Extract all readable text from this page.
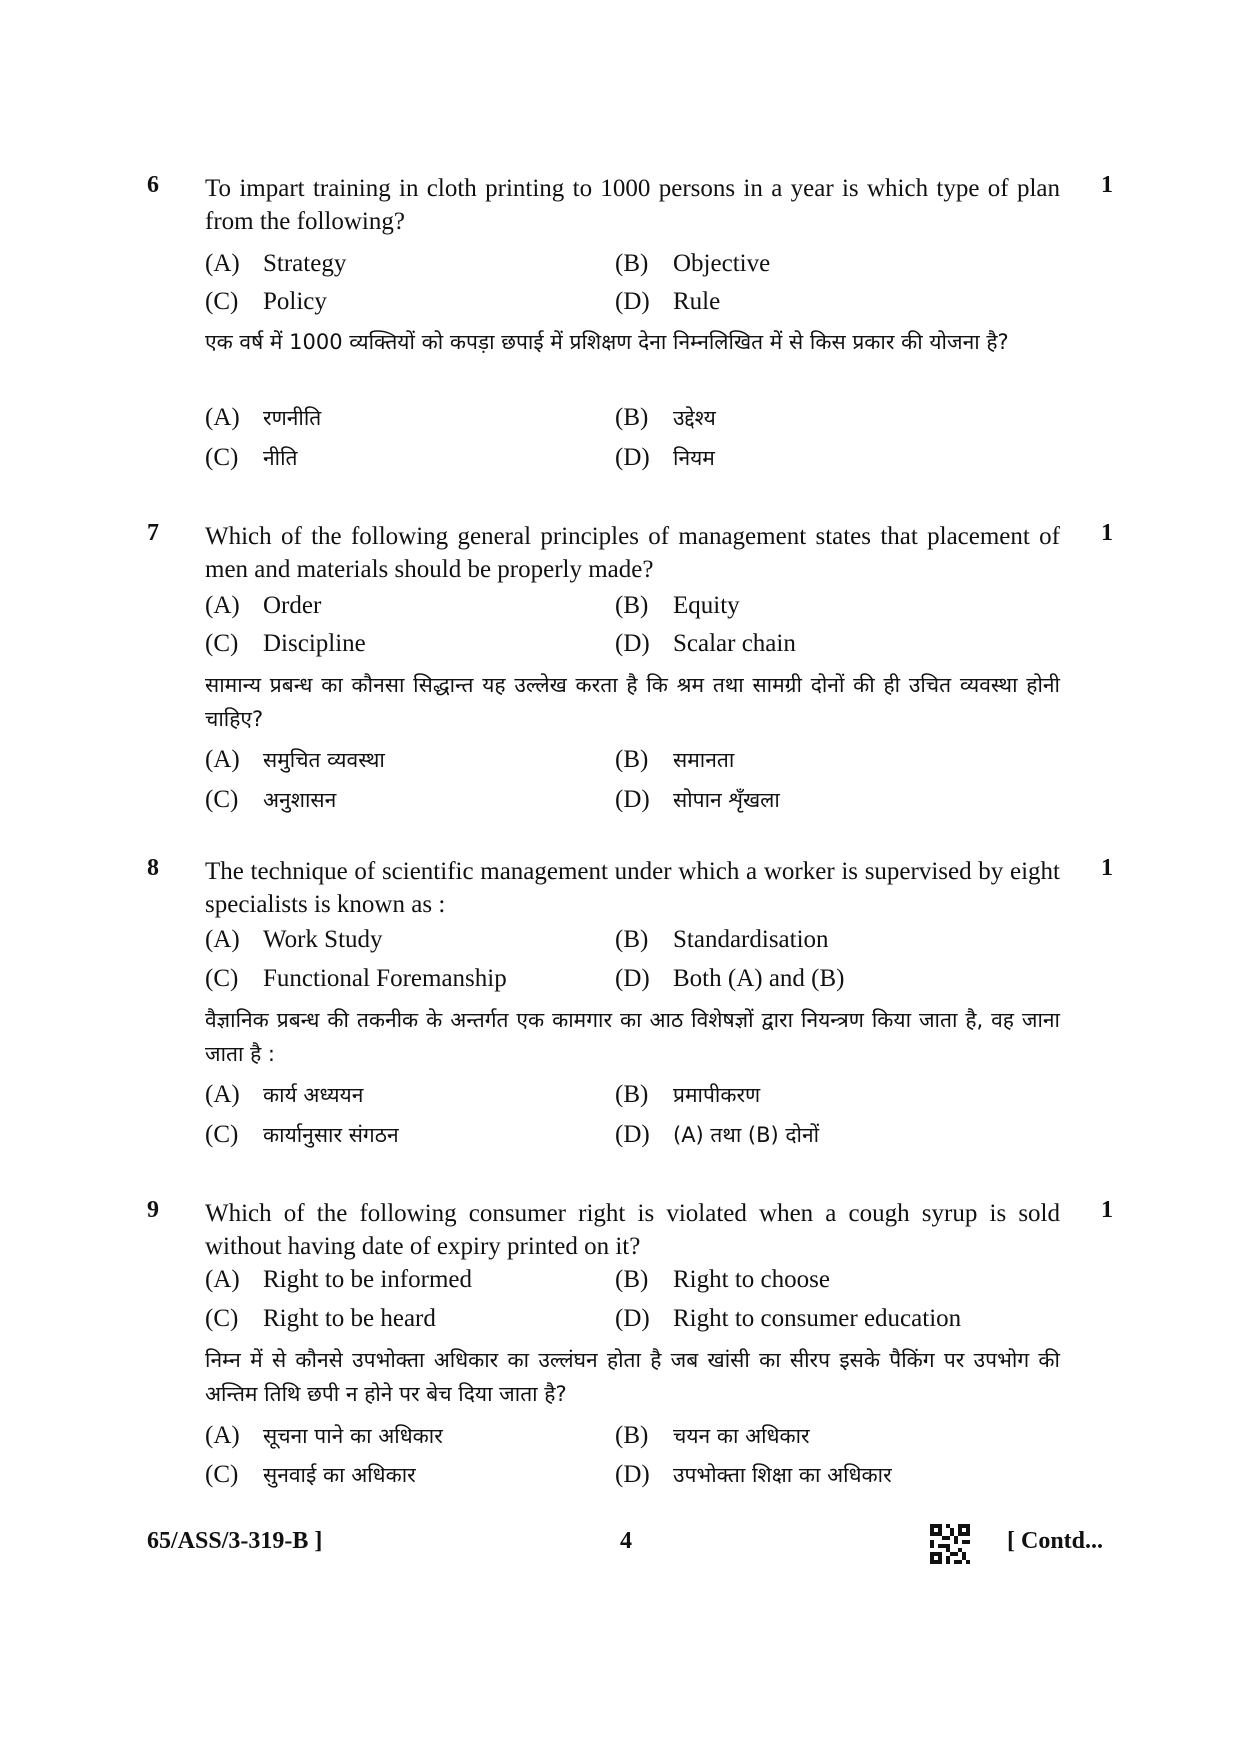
6 To impart training in cloth printing to 1000 persons in a year is which type of plan from the following?
1
(A) Strategy	(B) Objective
(C) Policy	(D) Rule
एक वर्ष में 1000 व्यक्तियों को कपड़ा छपाई में प्रशिक्षण देना निम्नलिखित में से किस प्रकार की योजना है?
(A) रणनीति	(B) उद्देश्य
(C) नीति	(D) नियम
7 Which of the following general principles of management states that placement of men and materials should be properly made?
1
(A) Order	(B) Equity
(C) Discipline	(D) Scalar chain
सामान्य प्रबन्ध का कौनसा सिद्धान्त यह उल्लेख करता है कि श्रम तथा सामग्री दोनों की ही उचित व्यवस्था होनी चाहिए?
(A) समुचित व्यवस्था	(B) समानता
(C) अनुशासन	(D) सोपान शृँखला
8 The technique of scientific management under which a worker is supervised by eight specialists is known as :
1
(A) Work Study	(B) Standardisation
(C) Functional Foremanship	(D) Both (A) and (B)
वैज्ञानिक प्रबन्ध की तकनीक के अन्तर्गत एक कामगार का आठ विशेषज्ञों द्वारा नियन्त्रण किया जाता है, वह जाना जाता है :
(A) कार्य अध्ययन	(B) प्रमापीकरण
(C) कार्यानुसार संगठन	(D) (A) तथा (B) दोनों
9 Which of the following consumer right is violated when a cough syrup is sold without having date of expiry printed on it?
1
(A) Right to be informed	(B) Right to choose
(C) Right to be heard	(D) Right to consumer education
निम्न में से कौनसे उपभोक्ता अधिकार का उल्लंघन होता है जब खांसी का सीरप इसके पैकिंग पर उपभोग की अन्तिम तिथि छपी न होने पर बेच दिया जाता है?
(A) सूचना पाने का अधिकार	(B) चयन का अधिकार
(C) सुनवाई का अधिकार	(D) उपभोक्ता शिक्षा का अधिकार
65/ASS/3-319-B ]	4	[ Contd...
